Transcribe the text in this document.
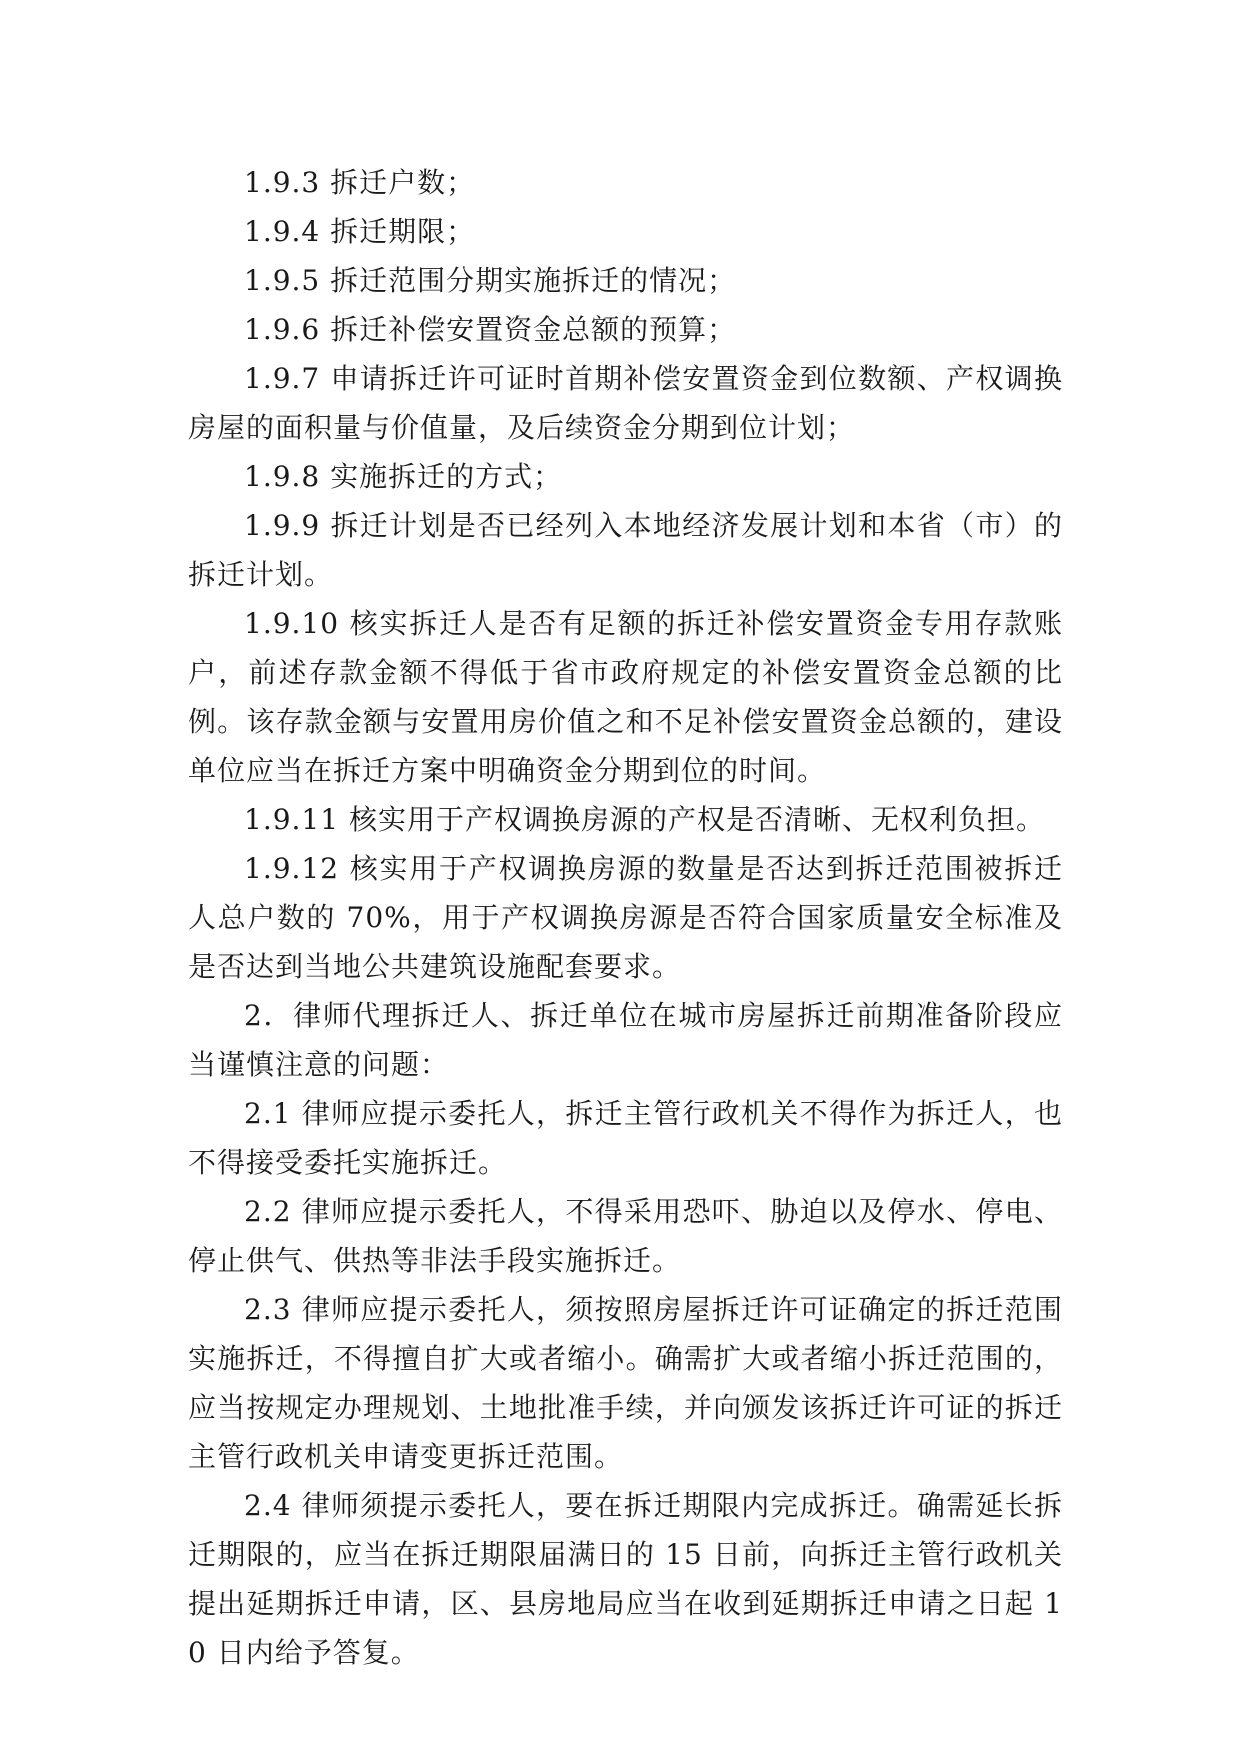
1.9.3 拆迁户数；

1.9.4 拆迁期限；

1.9.5 拆迁范围分期实施拆迁的情况；

1.9.6 拆迁补偿安置资金总额的预算；

1.9.7 申请拆迁许可证时首期补偿安置资金到位数额、产权调换房屋的面积量与价值量，及后续资金分期到位计划；

1.9.8 实施拆迁的方式；

1.9.9 拆迁计划是否已经列入本地经济发展计划和本省（市）的拆迁计划。

1.9.10 核实拆迁人是否有足额的拆迁补偿安置资金专用存款账户，前述存款金额不得低于省市政府规定的补偿安置资金总额的比例。该存款金额与安置用房价值之和不足补偿安置资金总额的，建设单位应当在拆迁方案中明确资金分期到位的时间。

1.9.11 核实用于产权调换房源的产权是否清晰、无权利负担。

1.9.12 核实用于产权调换房源的数量是否达到拆迁范围被拆迁人总户数的 70%，用于产权调换房源是否符合国家质量安全标准及是否达到当地公共建筑设施配套要求。

2．律师代理拆迁人、拆迁单位在城市房屋拆迁前期准备阶段应当谨慎注意的问题：

2.1 律师应提示委托人，拆迁主管行政机关不得作为拆迁人，也不得接受委托实施拆迁。

2.2 律师应提示委托人，不得采用恐吓、胁迫以及停水、停电、停止供气、供热等非法手段实施拆迁。

2.3 律师应提示委托人，须按照房屋拆迁许可证确定的拆迁范围实施拆迁，不得擅自扩大或者缩小。确需扩大或者缩小拆迁范围的，应当按规定办理规划、土地批准手续，并向颁发该拆迁许可证的拆迁主管行政机关申请变更拆迁范围。

2.4 律师须提示委托人，要在拆迁期限内完成拆迁。确需延长拆迁期限的，应当在拆迁期限届满日的 15 日前，向拆迁主管行政机关提出延期拆迁申请，区、县房地局应当在收到延期拆迁申请之日起 10 日内给予答复。
